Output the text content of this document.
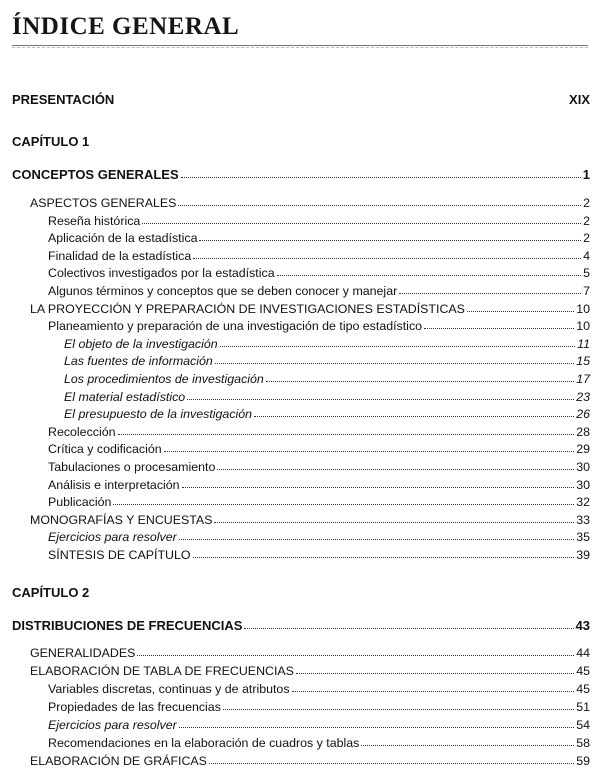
ÍNDICE GENERAL
PRESENTACIÓN	XIX
CAPÍTULO 1
CONCEPTOS GENERALES	1
ASPECTOS GENERALES	2
Reseña histórica	2
Aplicación de la estadística	2
Finalidad de la estadística	4
Colectivos investigados por la estadística	5
Algunos términos y conceptos que se deben conocer y manejar	7
LA PROYECCIÓN Y PREPARACIÓN DE INVESTIGACIONES ESTADÍSTICAS	10
Planeamiento y preparación de una investigación de tipo estadístico	10
El objeto de la investigación	11
Las fuentes de información	15
Los procedimientos de investigación	17
El material estadístico	23
El presupuesto de la investigación	26
Recolección	28
Crítica y codificación	29
Tabulaciones o procesamiento	30
Análisis e interpretación	30
Publicación	32
MONOGRAFÍAS Y ENCUESTAS	33
Ejercicios para resolver	35
SÍNTESIS DE CAPÍTULO	39
CAPÍTULO 2
DISTRIBUCIONES DE FRECUENCIAS	43
GENERALIDADES	44
ELABORACIÓN DE TABLA DE FRECUENCIAS	45
Variables discretas, continuas y de atributos	45
Propiedades de las frecuencias	51
Ejercicios para resolver	54
Recomendaciones en la elaboración de cuadros y tablas	58
ELABORACIÓN DE GRÁFICAS	59
